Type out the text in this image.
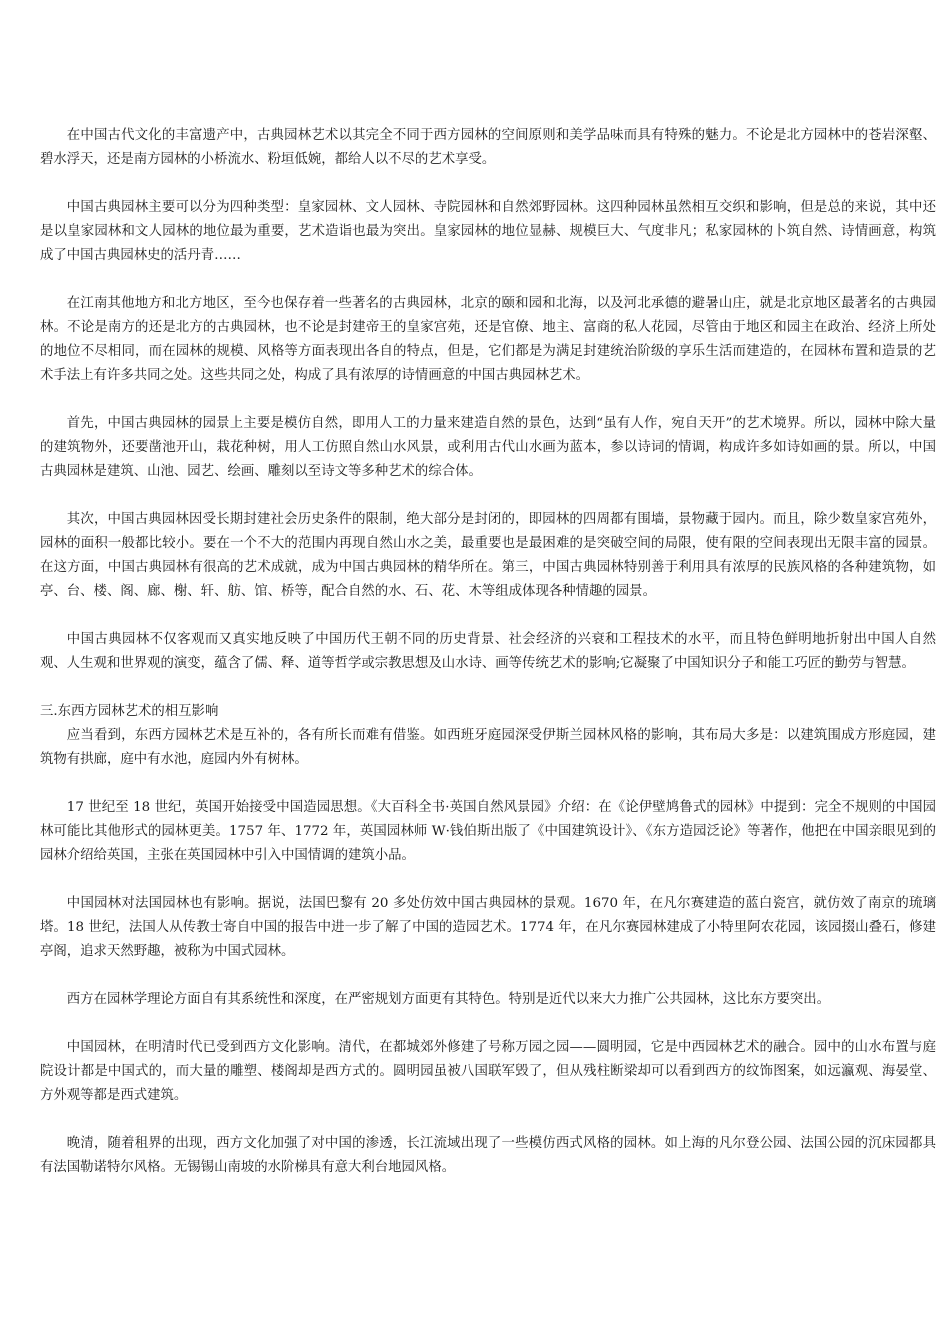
在中国古代文化的丰富遗产中，古典园林艺术以其完全不同于西方园林的空间原则和美学品味而具有特殊的魅力。不论是北方园林中的苍岩深壑、碧水浮天，还是南方园林的小桥流水、粉垣低婉，都给人以不尽的艺术享受。

中国古典园林主要可以分为四种类型：皇家园林、文人园林、寺院园林和自然郊野园林。这四种园林虽然相互交织和影响，但是总的来说，其中还是以皇家园林和文人园林的地位最为重要，艺术造诣也最为突出。皇家园林的地位显赫、规模巨大、气度非凡；私家园林的卜筑自然、诗情画意，构筑成了中国古典园林史的活丹青……

在江南其他地方和北方地区，至今也保存着一些著名的古典园林，北京的颐和园和北海，以及河北承德的避暑山庄，就是北京地区最著名的古典园林。不论是南方的还是北方的古典园林，也不论是封建帝王的皇家宫苑，还是官僚、地主、富商的私人花园，尽管由于地区和园主在政治、经济上所处的地位不尽相同，而在园林的规模、风格等方面表现出各自的特点，但是，它们都是为满足封建统治阶级的享乐生活而建造的，在园林布置和造景的艺术手法上有许多共同之处。这些共同之处，构成了具有浓厚的诗情画意的中国古典园林艺术。

首先，中国古典园林的园景上主要是模仿自然，即用人工的力量来建造自然的景色，达到“虽有人作，宛自天开”的艺术境界。所以，园林中除大量的建筑物外，还要凿池开山，栽花种树，用人工仿照自然山水风景，或利用古代山水画为蓝本，参以诗词的情调，构成许多如诗如画的景。所以，中国古典园林是建筑、山池、园艺、绘画、雕刻以至诗文等多种艺术的综合体。

其次，中国古典园林因受长期封建社会历史条件的限制，绝大部分是封闭的，即园林的四周都有围墙，景物藏于园内。而且，除少数皇家宫苑外，园林的面积一般都比较小。要在一个不大的范围内再现自然山水之美，最重要也是最困难的是突破空间的局限，使有限的空间表现出无限丰富的园景。在这方面，中国古典园林有很高的艺术成就，成为中国古典园林的精华所在。第三，中国古典园林特别善于利用具有浓厚的民族风格的各种建筑物，如亭、台、楼、阁、廊、榭、轩、舫、馆、桥等，配合自然的水、石、花、木等组成体现各种情趣的园景。

中国古典园林不仅客观而又真实地反映了中国历代王朝不同的历史背景、社会经济的兴衰和工程技术的水平，而且特色鲜明地折射出中国人自然观、人生观和世界观的演变，蕴含了儒、释、道等哲学或宗教思想及山水诗、画等传统艺术的影响;它凝聚了中国知识分子和能工巧匠的勤劳与智慧。

三.东西方园林艺术的相互影响

应当看到，东西方园林艺术是互补的，各有所长而难有借鉴。如西班牙庭园深受伊斯兰园林风格的影响，其布局大多是：以建筑围成方形庭园，建筑物有拱廊，庭中有水池，庭园内外有树林。

17 世纪至 18 世纪，英国开始接受中国造园思想。《大百科全书·英国自然风景园》介绍：在《论伊壁鸠鲁式的园林》中提到：完全不规则的中国园林可能比其他形式的园林更美。1757 年、1772 年，英国园林师 W·钱伯斯出版了《中国建筑设计》、《东方造园泛论》等著作，他把在中国亲眼见到的园林介绍给英国，主张在英国园林中引入中国情调的建筑小品。

中国园林对法国园林也有影响。据说，法国巴黎有 20 多处仿效中国古典园林的景观。1670 年，在凡尔赛建造的蓝白瓷宫，就仿效了南京的琉璃塔。18 世纪，法国人从传教士寄自中国的报告中进一步了解了中国的造园艺术。1774 年，在凡尔赛园林建成了小特里阿农花园，该园掇山叠石，修建亭阁，追求天然野趣，被称为中国式园林。

西方在园林学理论方面自有其系统性和深度，在严密规划方面更有其特色。特别是近代以来大力推广公共园林，这比东方要突出。

中国园林，在明清时代已受到西方文化影响。清代，在都城郊外修建了号称万园之园——圆明园，它是中西园林艺术的融合。园中的山水布置与庭院设计都是中国式的，而大量的雕塑、楼阁却是西方式的。圆明园虽被八国联军毁了，但从残柱断梁却可以看到西方的纹饰图案，如远瀛观、海晏堂、方外观等都是西式建筑。

晚清，随着租界的出现，西方文化加强了对中国的渗透，长江流域出现了一些模仿西式风格的园林。如上海的凡尔登公园、法国公园的沉床园都具有法国勒诺特尔风格。无锡锡山南坡的水阶梯具有意大利台地园风格。
